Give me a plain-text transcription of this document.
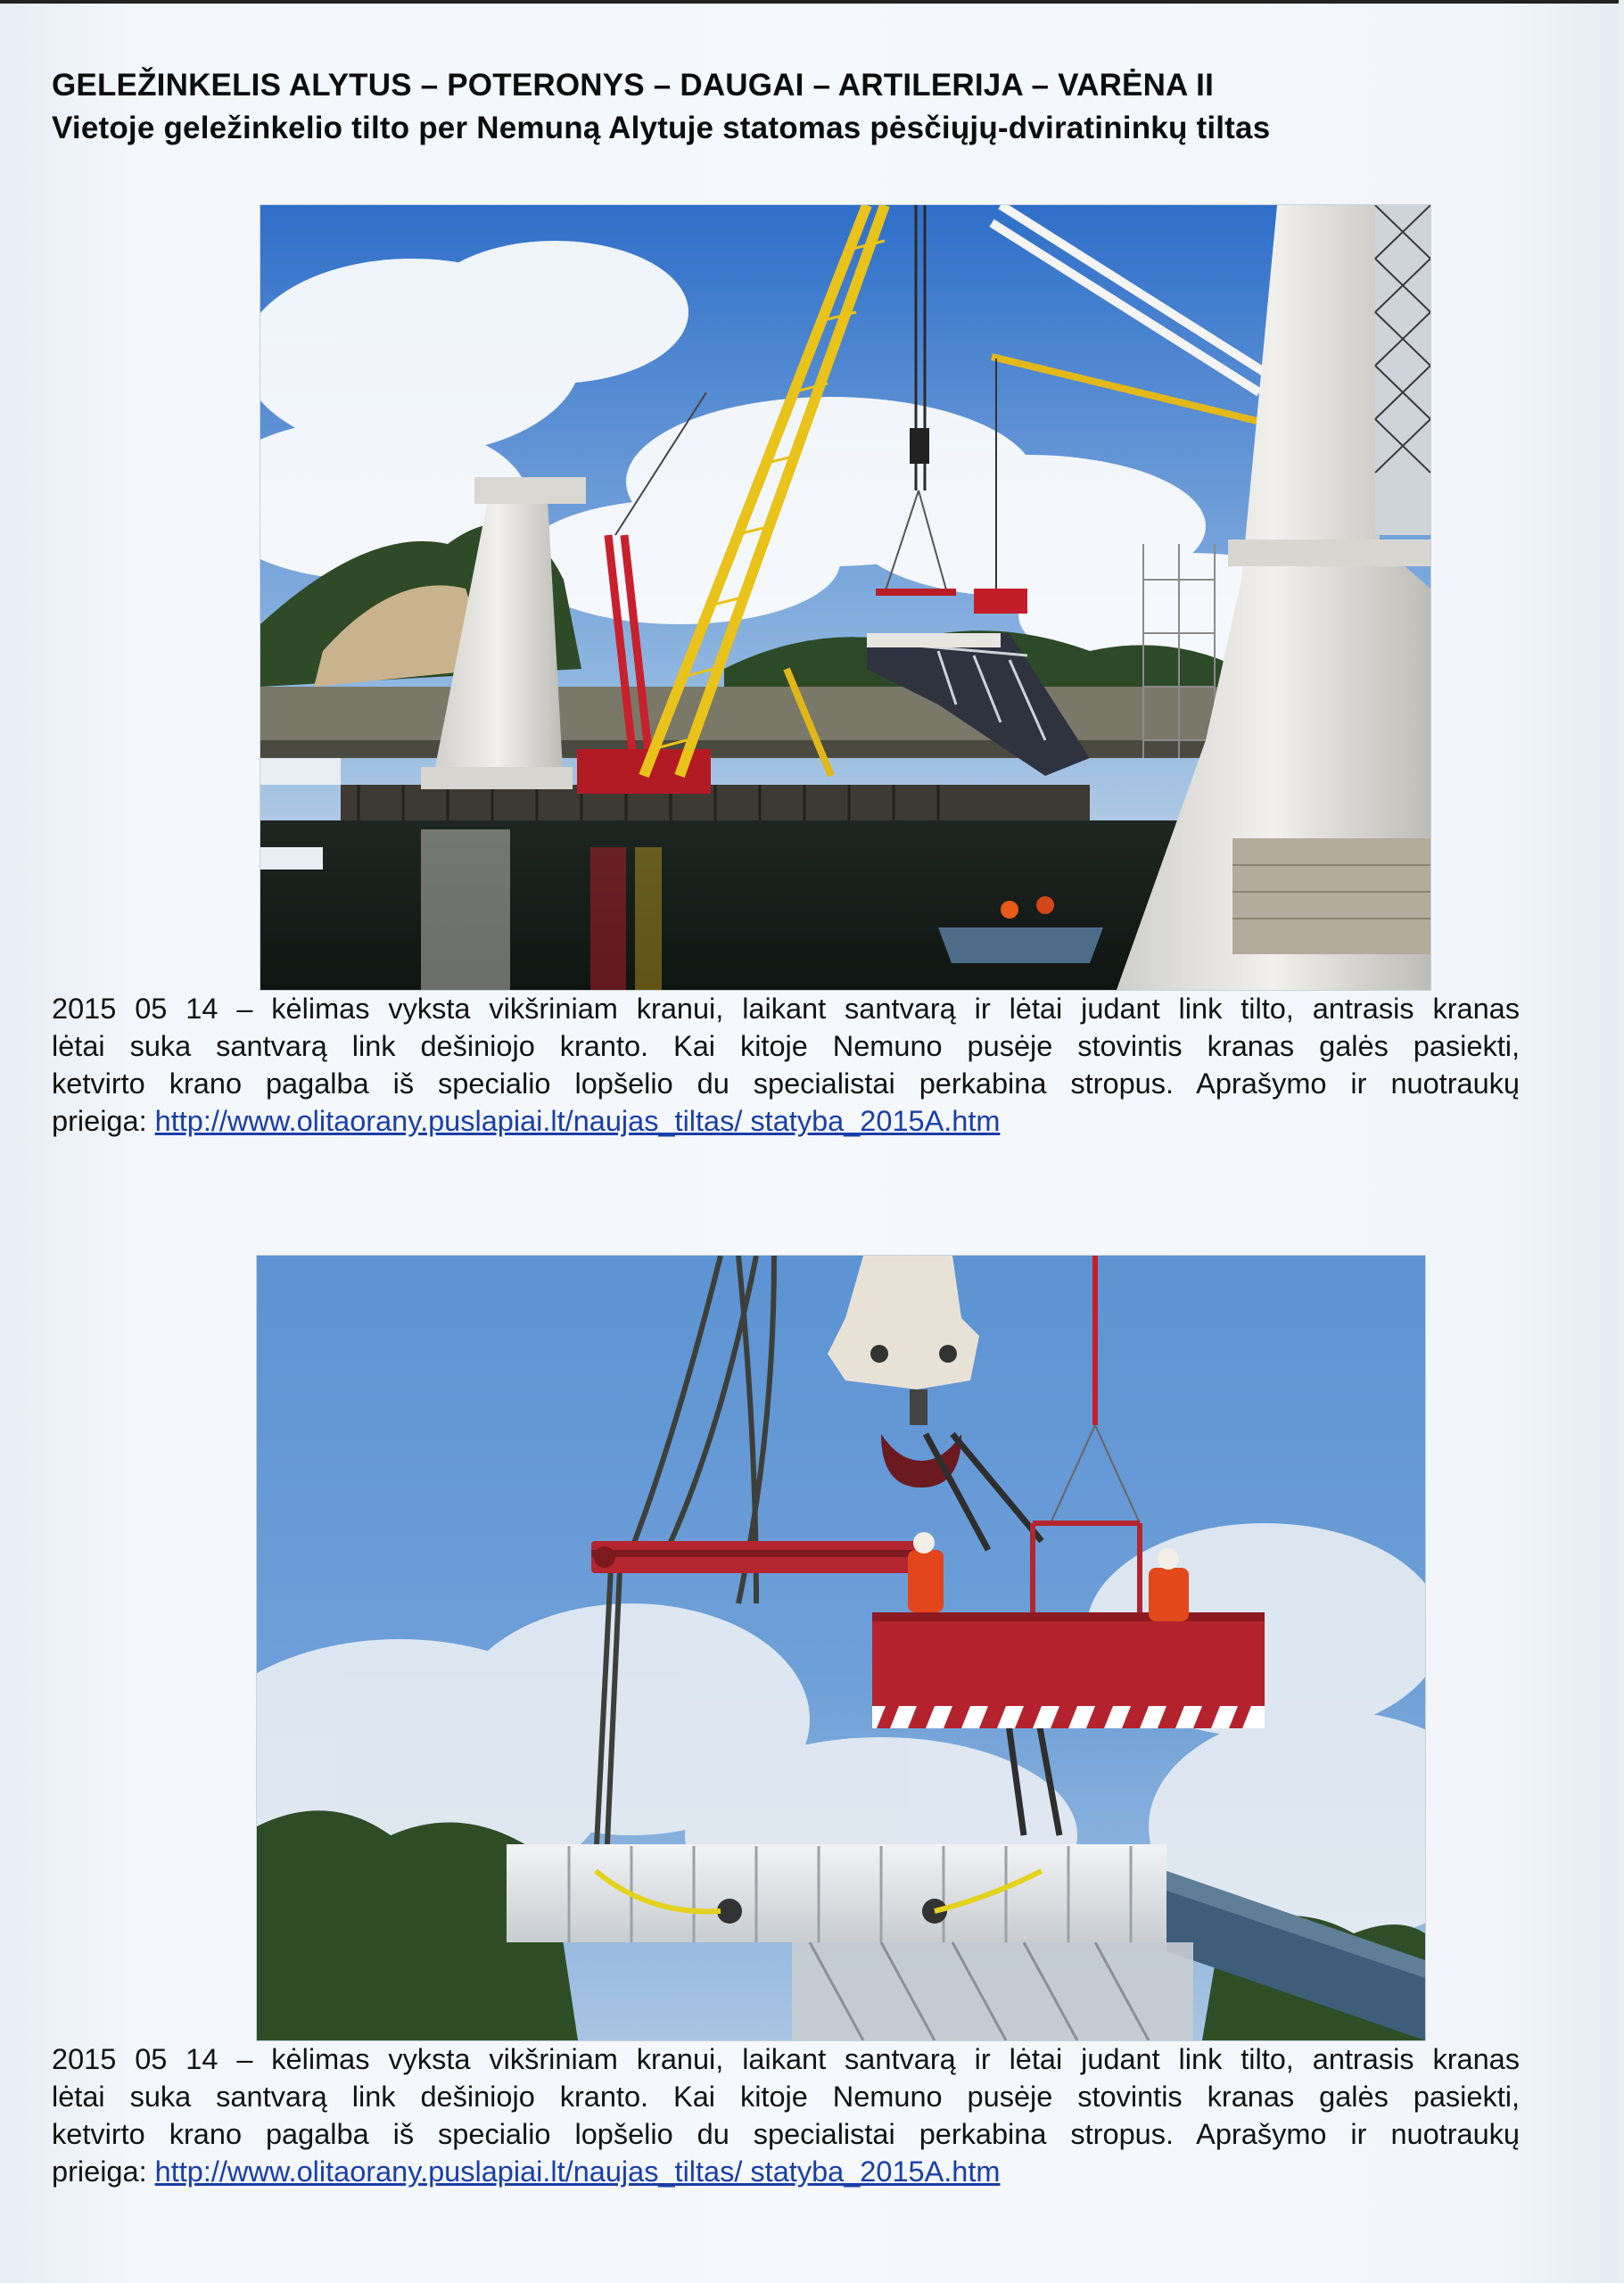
GELEŽINKELIS ALYTUS – POTERONYS – DAUGAI – ARTILERIJA – VARĖNA II
Vietoje geležinkelio tilto per Nemuną Alytuje statomas pėsčiųjų-dviratininkų tiltas
2015 05 14 – kėlimas vyksta vikšriniam kranui, laikant santvarą ir lėtai judant link tilto, antrasis kranas
lėtai suka santvarą link dešiniojo kranto. Kai kitoje Nemuno pusėje stovintis kranas galės pasiekti,
ketvirto krano pagalba iš specialio lopšelio du specialistai perkabina stropus. Aprašymo ir nuotraukų
prieiga: http://www.olitaorany.puslapiai.lt/naujas_tiltas/ statyba_2015A.htm
2015 05 14 – kėlimas vyksta vikšriniam kranui, laikant santvarą ir lėtai judant link tilto, antrasis kranas
lėtai suka santvarą link dešiniojo kranto. Kai kitoje Nemuno pusėje stovintis kranas galės pasiekti,
ketvirto krano pagalba iš specialio lopšelio du specialistai perkabina stropus. Aprašymo ir nuotraukų
prieiga: http://www.olitaorany.puslapiai.lt/naujas_tiltas/ statyba_2015A.htm
